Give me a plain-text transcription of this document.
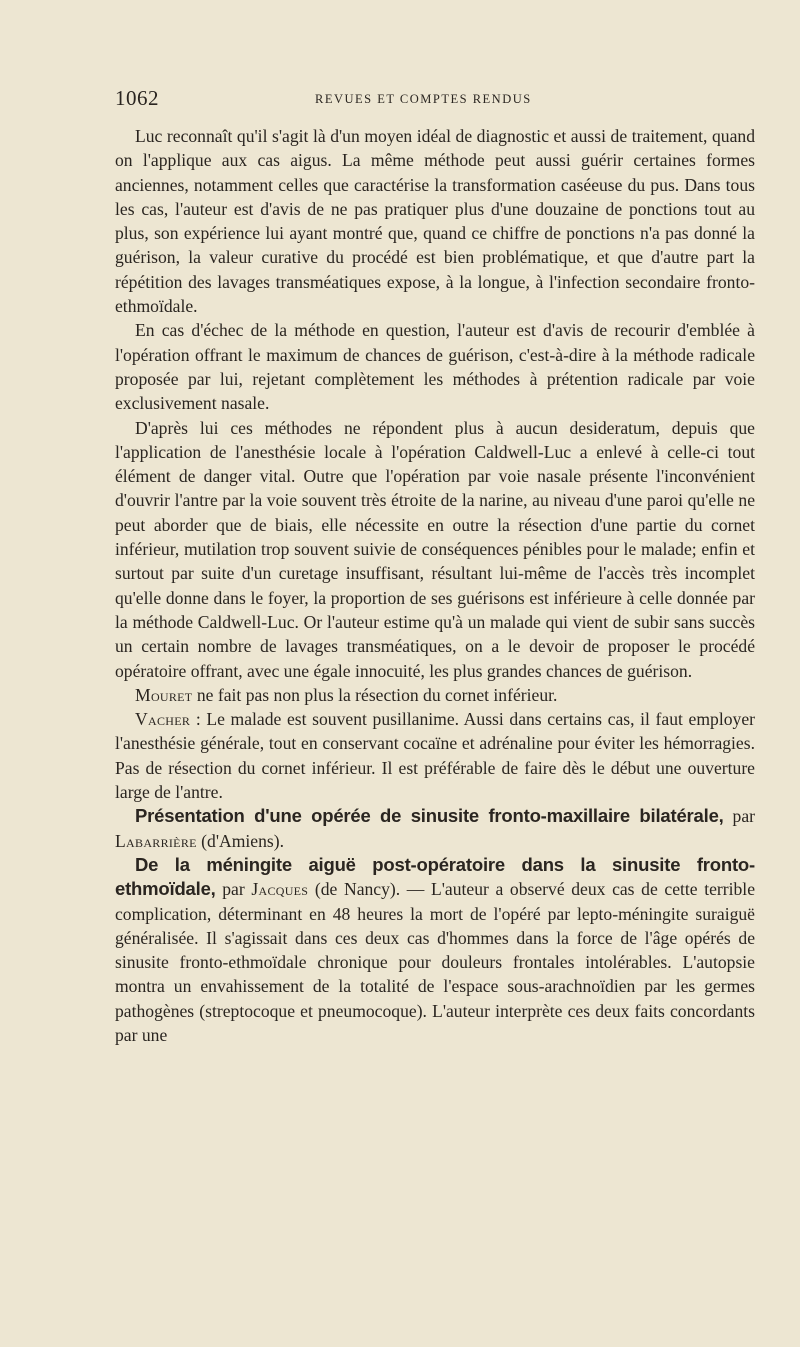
1062	REVUES ET COMPTES RENDUS

Luc reconnaît qu'il s'agit là d'un moyen idéal de diagnostic et aussi de traitement, quand on l'applique aux cas aigus. La même méthode peut aussi guérir certaines formes anciennes, notamment celles que caractérise la transformation caséeuse du pus. Dans tous les cas, l'auteur est d'avis de ne pas pratiquer plus d'une douzaine de ponctions tout au plus, son expérience lui ayant montré que, quand ce chiffre de ponctions n'a pas donné la guérison, la valeur curative du procédé est bien problématique, et que d'autre part la répétition des lavages transméatiques expose, à la longue, à l'infection secondaire fronto-ethmoïdale.

En cas d'échec de la méthode en question, l'auteur est d'avis de recourir d'emblée à l'opération offrant le maximum de chances de guérison, c'est-à-dire à la méthode radicale proposée par lui, rejetant complètement les méthodes à prétention radicale par voie exclusivement nasale.

D'après lui ces méthodes ne répondent plus à aucun desideratum, depuis que l'application de l'anesthésie locale à l'opération Caldwell-Luc a enlevé à celle-ci tout élément de danger vital. Outre que l'opération par voie nasale présente l'inconvénient d'ouvrir l'antre par la voie souvent très étroite de la narine, au niveau d'une paroi qu'elle ne peut aborder que de biais, elle nécessite en outre la résection d'une partie du cornet inférieur, mutilation trop souvent suivie de conséquences pénibles pour le malade; enfin et surtout par suite d'un curetage insuffisant, résultant lui-même de l'accès très incomplet qu'elle donne dans le foyer, la proportion de ses guérisons est inférieure à celle donnée par la méthode Caldwell-Luc. Or l'auteur estime qu'à un malade qui vient de subir sans succès un certain nombre de lavages transméatiques, on a le devoir de proposer le procédé opératoire offrant, avec une égale innocuité, les plus grandes chances de guérison.

Mouret ne fait pas non plus la résection du cornet inférieur.

Vacher : Le malade est souvent pusillanime. Aussi dans certains cas, il faut employer l'anesthésie générale, tout en conservant cocaïne et adrénaline pour éviter les hémorragies. Pas de résection du cornet inférieur. Il est préférable de faire dès le début une ouverture large de l'antre.

Présentation d'une opérée de sinusite fronto-maxillaire bilatérale, par Labarrière (d'Amiens).

De la méningite aiguë post-opératoire dans la sinusite fronto-ethmoïdale, par Jacques (de Nancy). — L'auteur a observé deux cas de cette terrible complication, déterminant en 48 heures la mort de l'opéré par lepto-méningite suraiguë généralisée. Il s'agissait dans ces deux cas d'hommes dans la force de l'âge opérés de sinusite fronto-ethmoïdale chronique pour douleurs frontales intolérables. L'autopsie montra un envahissement de la totalité de l'espace sous-arachnoïdien par les germes pathogènes (streptocoque et pneumocoque). L'auteur interprète ces deux faits concordants par une
